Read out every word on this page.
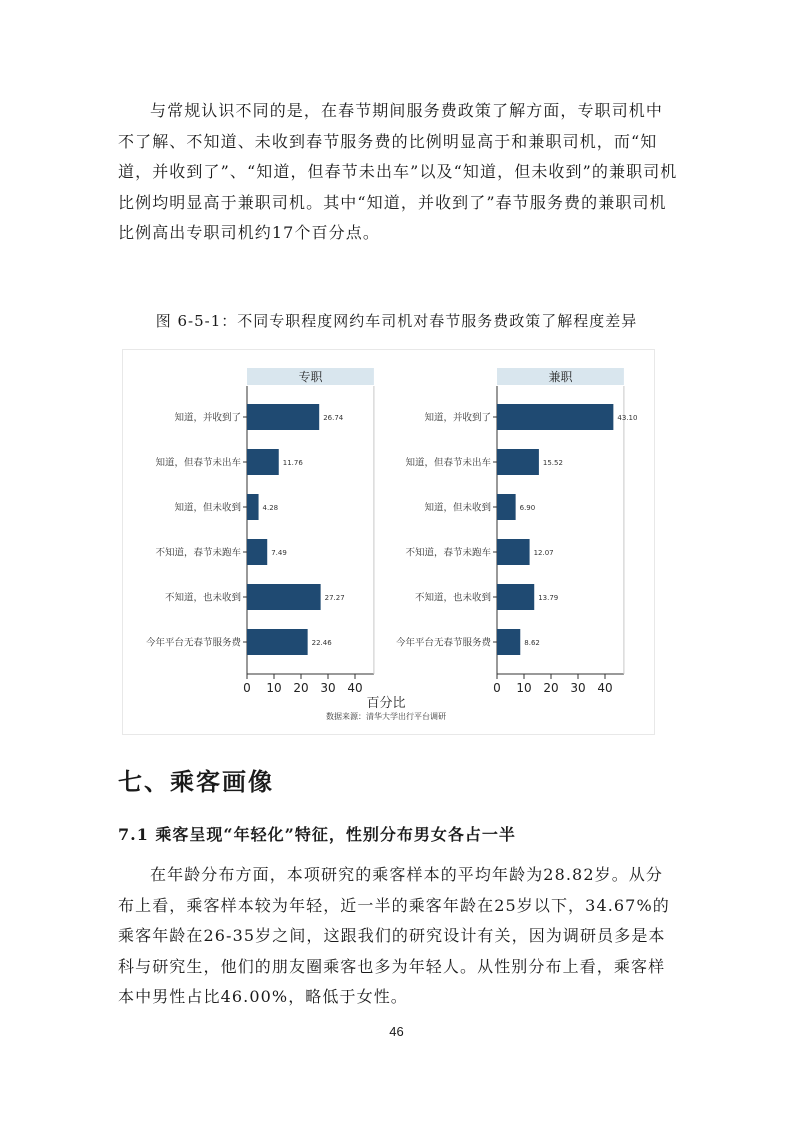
与常规认识不同的是，在春节期间服务费政策了解方面，专职司机中不了解、不知道、未收到春节服务费的比例明显高于和兼职司机，而“知道，并收到了”、“知道，但春节未出车”以及“知道，但未收到”的兼职司机比例均明显高于兼职司机。其中“知道，并收到了”春节服务费的兼职司机比例高出专职司机约17个百分点。

图 6-5-1：不同专职程度网约车司机对春节服务费政策了解程度差异
专职
0 10 20 30 40
知道，并收到了	26.74
知道，但春节未出车	11.76
知道，但未收到	4.28
不知道，春节未跑车	7.49
不知道，也未收到	27.27
今年平台无春节服务费	22.46
兼职
0 10 20 30 40
知道，并收到了	43.10
知道，但春节未出车	15.52
知道，但未收到	6.90
不知道，春节未跑车	12.07
不知道，也未收到	13.79
今年平台无春节服务费	8.62
百分比
数据来源：清华大学出行平台调研
七、乘客画像
7.1 乘客呈现“年轻化”特征，性别分布男女各占一半

在年龄分布方面，本项研究的乘客样本的平均年龄为28.82岁。从分布上看，乘客样本较为年轻，近一半的乘客年龄在25岁以下，34.67%的乘客年龄在26-35岁之间，这跟我们的研究设计有关，因为调研员多是本科与研究生，他们的朋友圈乘客也多为年轻人。从性别分布上看，乘客样本中男性占比46.00%，略低于女性。

46
